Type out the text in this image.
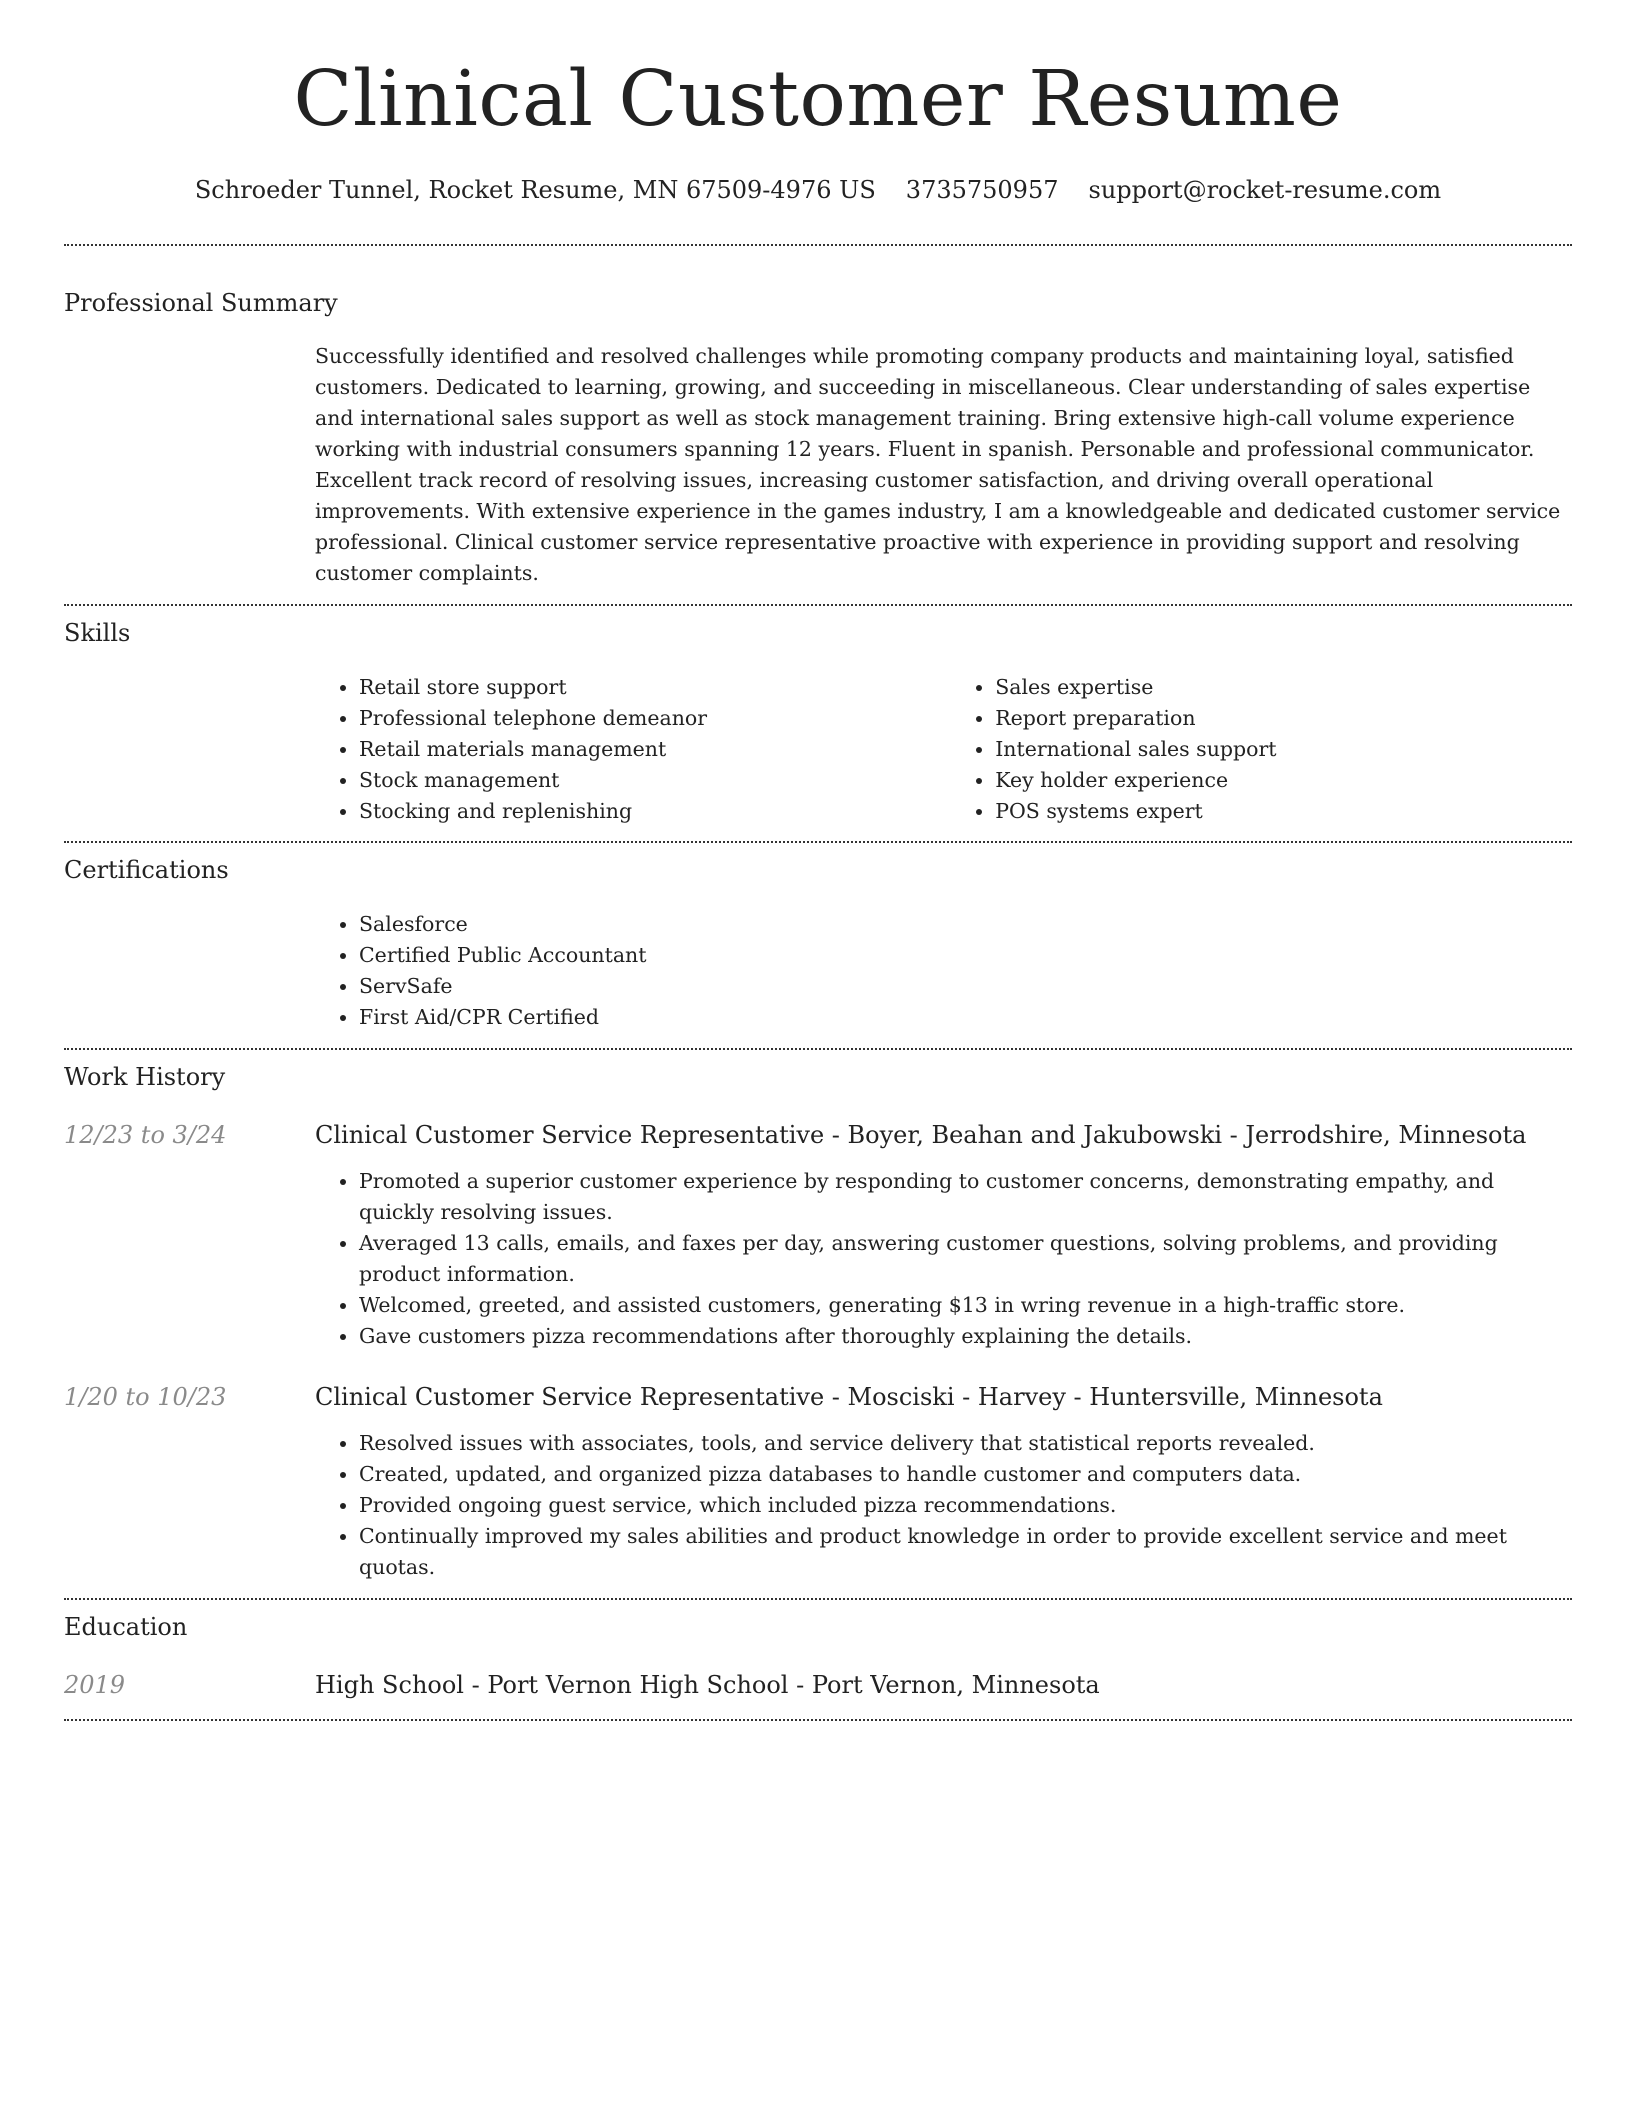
Clinical Customer Resume
Schroeder Tunnel, Rocket Resume, MN 67509-4976 US 3735750957 support@rocket-resume.com
Professional Summary

Successfully identified and resolved challenges while promoting company products and maintaining loyal, satisfied customers. Dedicated to learning, growing, and succeeding in miscellaneous. Clear understanding of sales expertise and international sales support as well as stock management training. Bring extensive high-call volume experience working with industrial consumers spanning 12 years. Fluent in spanish. Personable and professional communicator. Excellent track record of resolving issues, increasing customer satisfaction, and driving overall operational improvements. With extensive experience in the games industry, I am a knowledgeable and dedicated customer service professional. Clinical customer service representative proactive with experience in providing support and resolving customer complaints.

Skills
• Retail store support
• Professional telephone demeanor
• Retail materials management
• Stock management
• Stocking and replenishing
• Sales expertise
• Report preparation
• International sales support
• Key holder experience
• POS systems expert
Certifications
• Salesforce
• Certified Public Accountant
• ServSafe
• First Aid/CPR Certified
Work History
12/23 to 3/24	Clinical Customer Service Representative - Boyer, Beahan and Jakubowski - Jerrodshire, Minnesota
• Promoted a superior customer experience by responding to customer concerns, demonstrating empathy, and quickly resolving issues.
• Averaged 13 calls, emails, and faxes per day, answering customer questions, solving problems, and providing product information.
• Welcomed, greeted, and assisted customers, generating $13 in wring revenue in a high-traffic store.
• Gave customers pizza recommendations after thoroughly explaining the details.
1/20 to 10/23	Clinical Customer Service Representative - Mosciski - Harvey - Huntersville, Minnesota
• Resolved issues with associates, tools, and service delivery that statistical reports revealed.
• Created, updated, and organized pizza databases to handle customer and computers data.
• Provided ongoing guest service, which included pizza recommendations.
• Continually improved my sales abilities and product knowledge in order to provide excellent service and meet quotas.
Education
2019	High School - Port Vernon High School - Port Vernon, Minnesota
